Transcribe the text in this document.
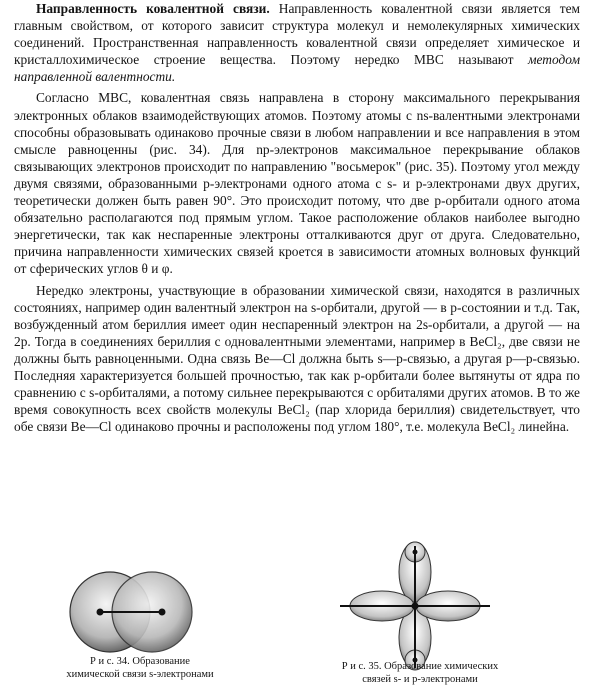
Направленность ковалентной связи. Направленность ковалентной связи является тем главным свойством, от которого зависит структура молекул и немолекулярных химических соединений. Пространственная направленность ковалентной связи определяет химическое и кристаллохимическое строение вещества. Поэтому нередко МВС называют методом направленной валентности.

Согласно МВС, ковалентная связь направлена в сторону максимального перекрывания электронных облаков взаимодействующих атомов. Поэтому атомы с ns-валентными электронами способны образовывать одинаково прочные связи в любом направлении и все направления в этом смысле равноценны (рис. 34). Для np-электронов максимальное перекрывание облаков связывающих электронов происходит по направлению "восьмерок" (рис. 35). Поэтому угол между двумя связями, образованными p-электронами одного атома с s- и p-электронами двух других, теоретически должен быть равен 90°. Это происходит потому, что две p-орбитали одного атома обязательно располагаются под прямым углом. Такое расположение облаков наиболее выгодно энергетически, так как неспаренные электроны отталкиваются друг от друга. Следовательно, причина направленности химических связей кроется в зависимости атомных волновых функций от сферических углов θ и φ.

Нередко электроны, участвующие в образовании химической связи, находятся в различных состояниях, например один валентный электрон на s-орбитали, другой — в p-состоянии и т.д. Так, возбужденный атом бериллия имеет один неспаренный электрон на 2s-орбитали, а другой — на 2p. Тогда в соединениях бериллия с одновалентными элементами, например в BeCl₂, две связи не должны быть равноценными. Одна связь Be—Cl должна быть s—p-связью, а другая p—p-связью. Последняя характеризуется большей прочностью, так как p-орбитали более вытянуты от ядра по сравнению с s-орбиталями, а потому сильнее перекрываются с орбиталями других атомов. В то же время совокупность всех свойств молекулы BeCl₂ (пар хлорида бериллия) свидетельствует, что обе связи Be—Cl одинаково прочны и расположены под углом 180°, т.е. молекула BeCl₂ линейна.

Р и с. 34. Образование
химической связи s-электронами
Р и с. 35. Образование химических
связей s- и p-электронами
